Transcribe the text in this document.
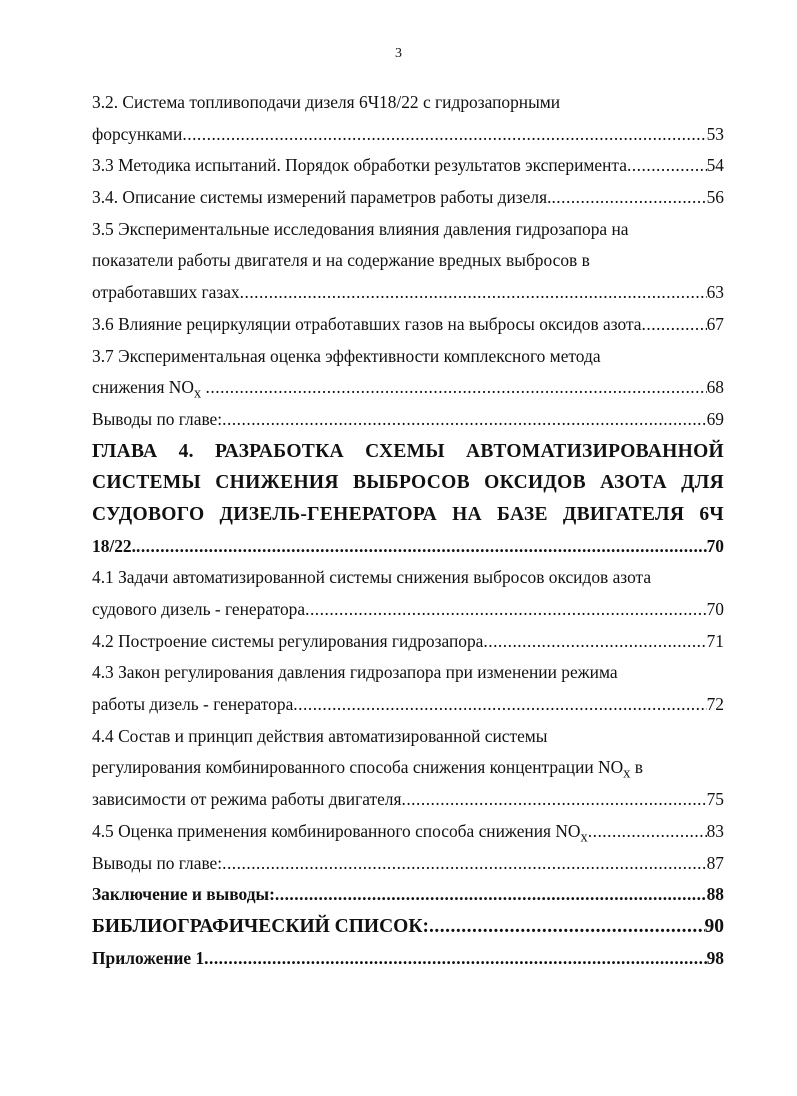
3
3.2. Система топливоподачи дизеля 6Ч18/22 с гидрозапорными
форсунками .....	53
3.3 Методика испытаний. Порядок обработки результатов эксперимента .....	54
3.4. Описание системы измерений параметров работы дизеля. .....	56
3.5 Экспериментальные исследования влияния давления гидрозапора на
показатели работы двигателя и на содержание вредных выбросов в
отработавших газах .....	63
3.6 Влияние рециркуляции отработавших газов на выбросы оксидов азота .....	67
3.7 Экспериментальная оценка эффективности комплексного метода
снижения $NO_x$ .....	68
Выводы по главе: .....	69
ГЛАВА 4. РАЗРАБОТКА СХЕМЫ АВТОМАТИЗИРОВАННОЙ
СИСТЕМЫ СНИЖЕНИЯ ВЫБРОСОВ ОКСИДОВ АЗОТА ДЛЯ
СУДОВОГО ДИЗЕЛЬ-ГЕНЕРАТОРА НА БАЗЕ ДВИГАТЕЛЯ 6Ч
18/22. .....	70
4.1 Задачи автоматизированной системы снижения выбросов оксидов азота
судового дизель - генератора .....	70
4.2 Построение системы регулирования гидрозапора .....	71
4.3 Закон регулирования давления гидрозапора при изменении режима
работы дизель - генератора .....	72
4.4 Состав и принцип действия автоматизированной системы
регулирования комбинированного способа снижения концентрации $NO_x$ в
зависимости от режима работы двигателя .....	75
4.5 Оценка применения комбинированного способа снижения $NO_x$ .....	83
Выводы по главе: .....	87
Заключение и выводы: .....	88
БИБЛИОГРАФИЧЕСКИЙ СПИСОК: .....	90
Приложение 1 .....	98
